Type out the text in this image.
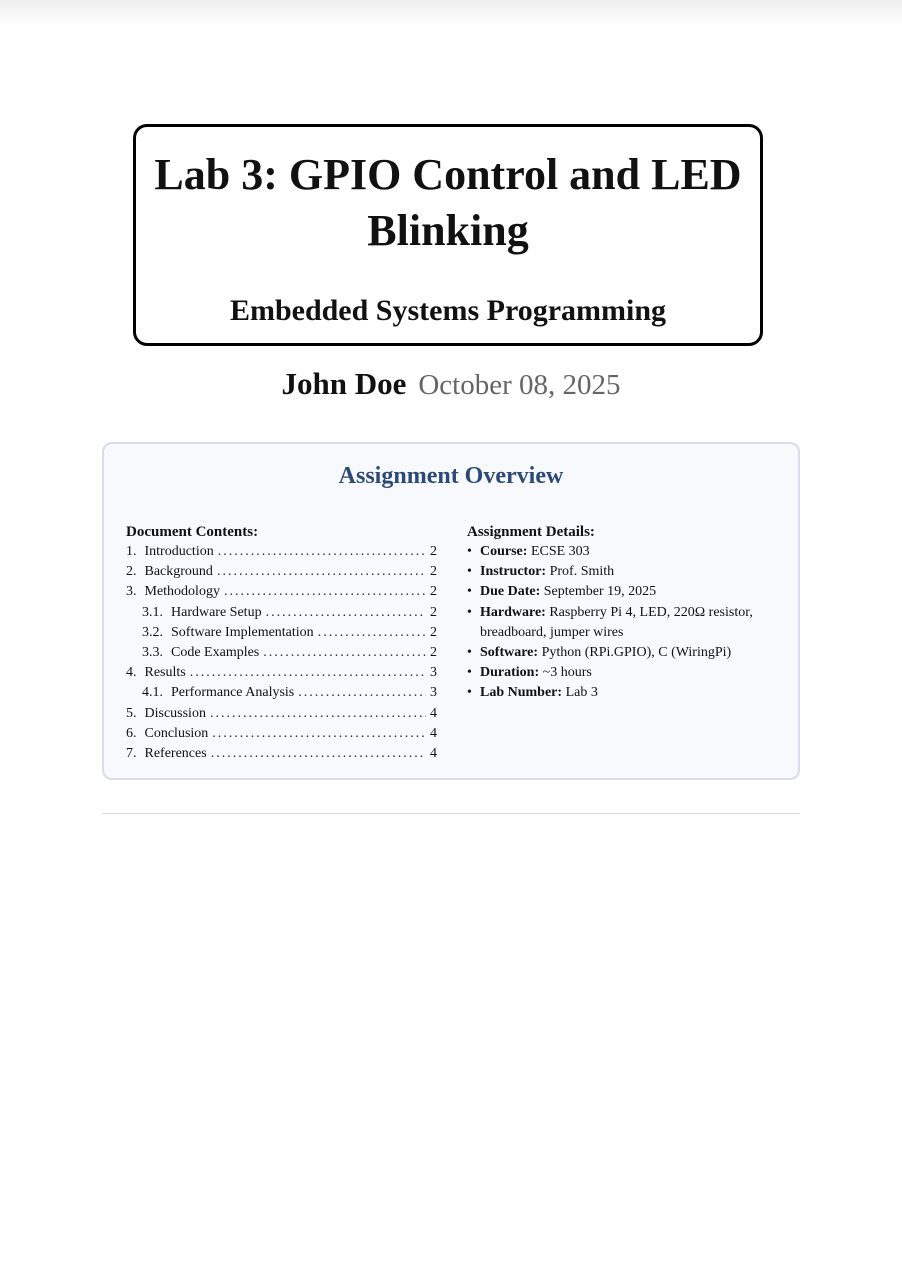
Lab 3: GPIO Control and LED Blinking
Embedded Systems Programming
John Doe October 08, 2025
Assignment Overview
Document Contents:
1. Introduction .....	2
2. Background .....	2
3. Methodology .....	2
3.1. Hardware Setup .....	2
3.2. Software Implementation .....	2
3.3. Code Examples .....	2
4. Results .....	3
4.1. Performance Analysis .....	3
5. Discussion .....	4
6. Conclusion .....	4
7. References .....	4
Assignment Details:
• Course: ECSE 303
• Instructor: Prof. Smith
• Due Date: September 19, 2025
• Hardware: Raspberry Pi 4, LED, 220Ω resistor, breadboard, jumper wires
• Software: Python (RPi.GPIO), C (WiringPi)
• Duration: ~3 hours
• Lab Number: Lab 3
